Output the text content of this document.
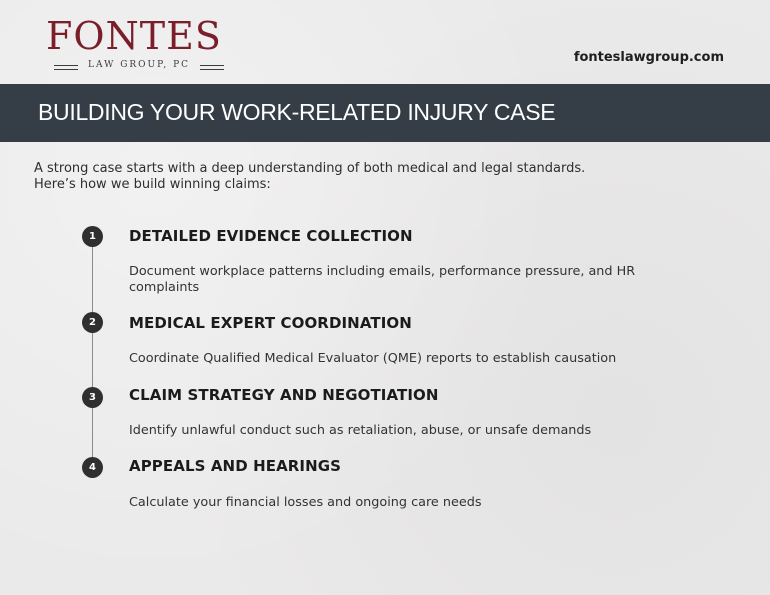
FONTES
LAW GROUP, PC	fonteslawgroup.com
BUILDING YOUR WORK-RELATED INJURY CASE
A strong case starts with a deep understanding of both medical and legal standards.
Here’s how we build winning claims:
1	DETAILED EVIDENCE COLLECTION
Document workplace patterns including emails, performance pressure, and HR complaints
2	MEDICAL EXPERT COORDINATION
Coordinate Qualified Medical Evaluator (QME) reports to establish causation
3	CLAIM STRATEGY AND NEGOTIATION
Identify unlawful conduct such as retaliation, abuse, or unsafe demands
4	APPEALS AND HEARINGS
Calculate your financial losses and ongoing care needs
